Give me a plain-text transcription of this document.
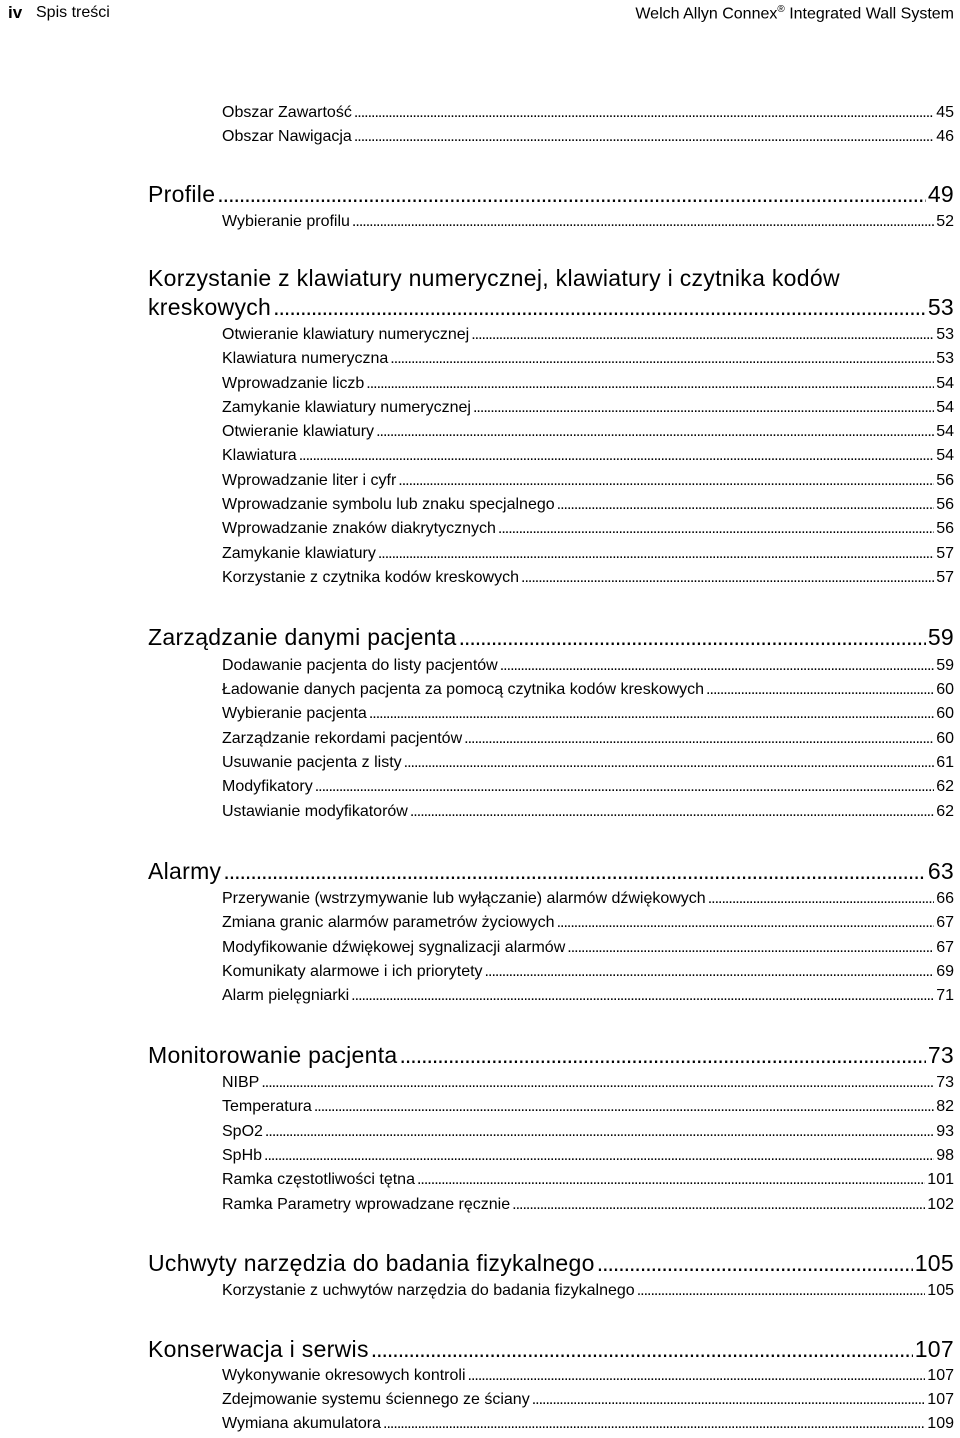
iv Spis treści	Welch Allyn Connex® Integrated Wall System
Obszar Zawartość .....	45
Obszar Nawigacja .....	46
Profile .....	49
Wybieranie profilu .....	52
Korzystanie z klawiatury numerycznej, klawiatury i czytnika kodów
kreskowych .....	53
Otwieranie klawiatury numerycznej .....	53
Klawiatura numeryczna .....	53
Wprowadzanie liczb .....	54
Zamykanie klawiatury numerycznej .....	54
Otwieranie klawiatury .....	54
Klawiatura .....	54
Wprowadzanie liter i cyfr .....	56
Wprowadzanie symbolu lub znaku specjalnego .....	56
Wprowadzanie znaków diakrytycznych .....	56
Zamykanie klawiatury .....	57
Korzystanie z czytnika kodów kreskowych .....	57
Zarządzanie danymi pacjenta .....	59
Dodawanie pacjenta do listy pacjentów .....	59
Ładowanie danych pacjenta za pomocą czytnika kodów kreskowych .....	60
Wybieranie pacjenta .....	60
Zarządzanie rekordami pacjentów .....	60
Usuwanie pacjenta z listy .....	61
Modyfikatory .....	62
Ustawianie modyfikatorów .....	62
Alarmy .....	63
Przerywanie (wstrzymywanie lub wyłączanie) alarmów dźwiękowych .....	66
Zmiana granic alarmów parametrów życiowych .....	67
Modyfikowanie dźwiękowej sygnalizacji alarmów .....	67
Komunikaty alarmowe i ich priorytety .....	69
Alarm pielęgniarki .....	71
Monitorowanie pacjenta .....	73
NIBP .....	73
Temperatura .....	82
SpO2 .....	93
SpHb .....	98
Ramka częstotliwości tętna .....	101
Ramka Parametry wprowadzane ręcznie .....	102
Uchwyty narzędzia do badania fizykalnego .....	105
Korzystanie z uchwytów narzędzia do badania fizykalnego .....	105
Konserwacja i serwis .....	107
Wykonywanie okresowych kontroli .....	107
Zdejmowanie systemu ściennego ze ściany .....	107
Wymiana akumulatora .....	109
